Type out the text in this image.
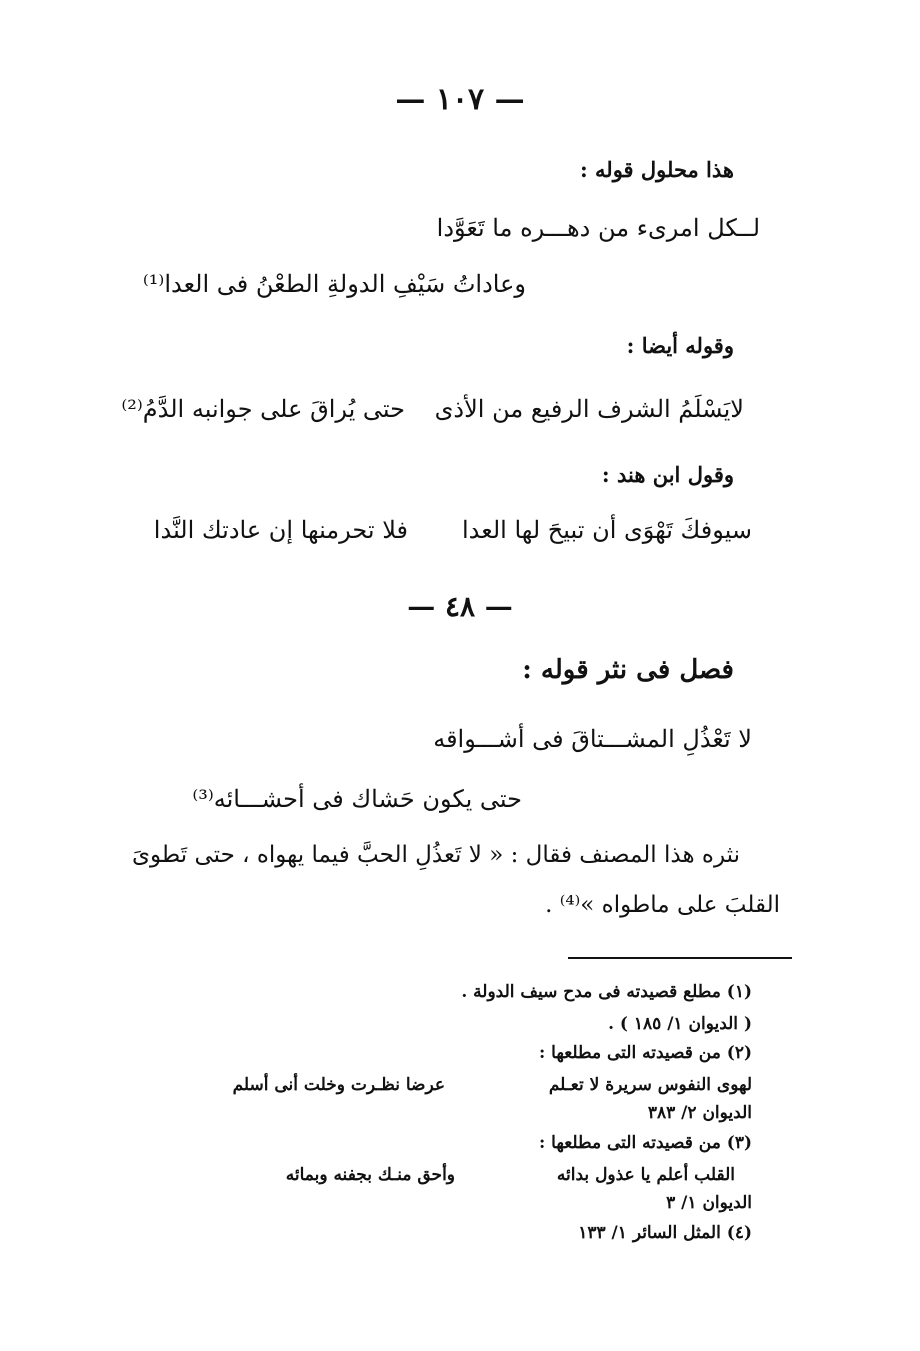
— ١٠٧ —
هذا محلول قوله :
لــكل امرىء من دهـــره ما تَعَوَّدا
وعاداتُ سَيْفِ الدولةِ الطعْنُ فى العدا⁽¹⁾
وقوله أيضا :
لايَسْلَمُ الشرف الرفيع من الأذى
حتى يُراقَ على جوانبه الدَّمُ⁽²⁾
وقول ابن هند :
سيوفكَ تَهْوَى أن تبيحَ لها العدا
فلا تحرمنها إن عادتك النَّدا
— ٤٨ —
فصل فى نثر قوله :
لا تَعْذُلِ المشـــتاقَ فى أشـــواقه
حتى يكون حَشاك فى أحشـــائه⁽³⁾
نثره هذا المصنف فقال : « لا تَعذُلِ الحبَّ فيما يهواه ، حتى تَطوىَ
القلبَ على ماطواه »⁽⁴⁾ .
(١) مطلع قصيدته فى مدح سيف الدولة .
( الديوان ١/ ١٨٥ ) .
(٢) من قصيدته التى مطلعها :
لهوى النفوس سريرة لا تعـلم
عرضا نظـرت وخلت أنى أسلم
الديوان ٢/ ٣٨٣
(٣) من قصيدته التى مطلعها :
القلب أعلم يا عذول بدائه
وأحق منـك بجفنه وبمائه
الديوان ١/ ٣
(٤) المثل السائر ١/ ١٣٣
